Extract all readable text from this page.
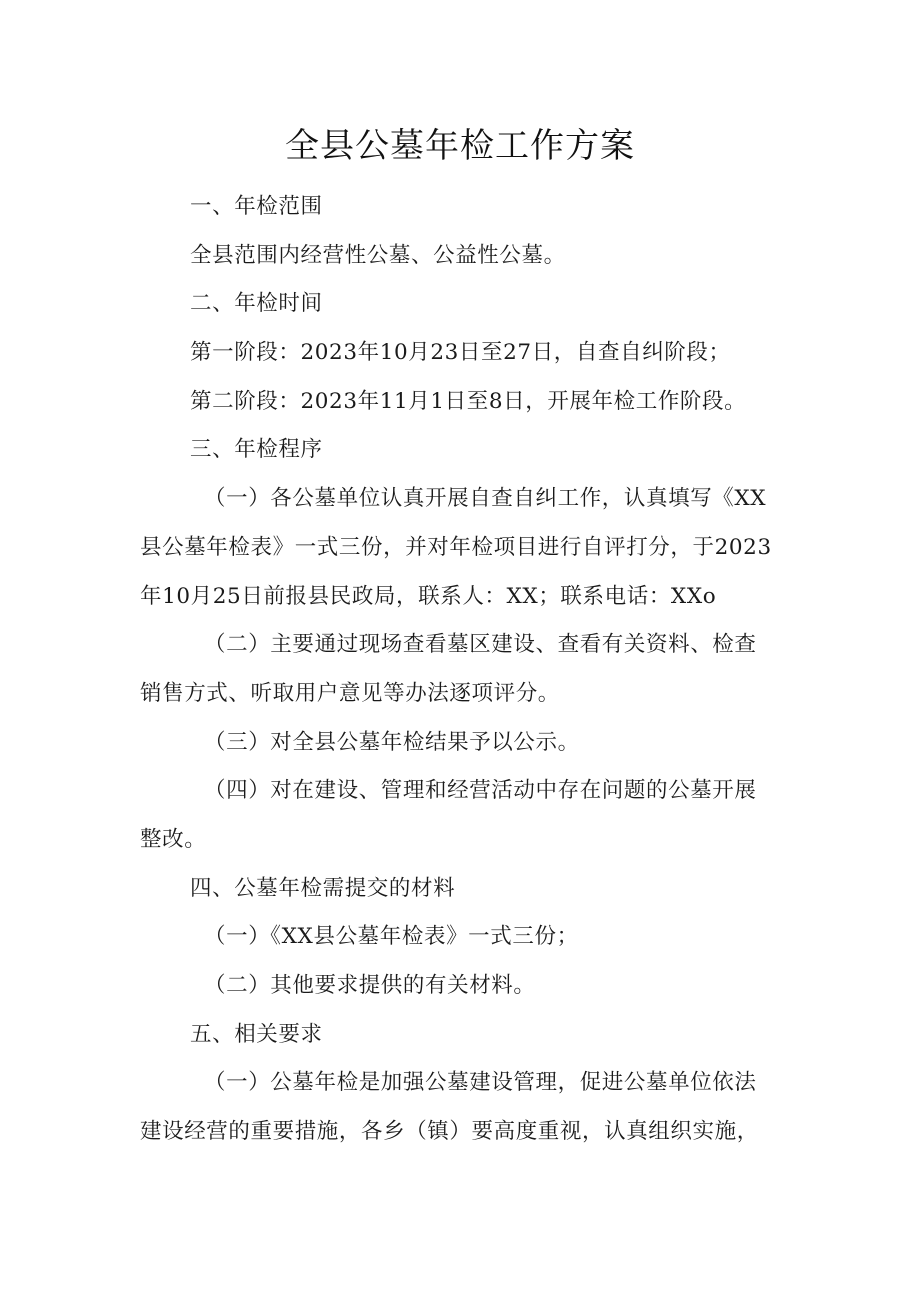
全县公墓年检工作方案

一、年检范围

全县范围内经营性公墓、公益性公墓。

二、年检时间

第一阶段：2023年10月23日至27日，自查自纠阶段；

第二阶段：2023年11月1日至8日，开展年检工作阶段。

三、年检程序

（一）各公墓单位认真开展自查自纠工作，认真填写《XX

县公墓年检表》一式三份，并对年检项目进行自评打分，于2023

年10月25日前报县民政局，联系人：XX；联系电话：XXo

（二）主要通过现场查看墓区建设、查看有关资料、检查

销售方式、听取用户意见等办法逐项评分。

（三）对全县公墓年检结果予以公示。

（四）对在建设、管理和经营活动中存在问题的公墓开展

整改。

四、公墓年检需提交的材料

（一）《XX县公墓年检表》一式三份；

（二）其他要求提供的有关材料。

五、相关要求

（一）公墓年检是加强公墓建设管理，促进公墓单位依法

建设经营的重要措施，各乡（镇）要高度重视，认真组织实施，
